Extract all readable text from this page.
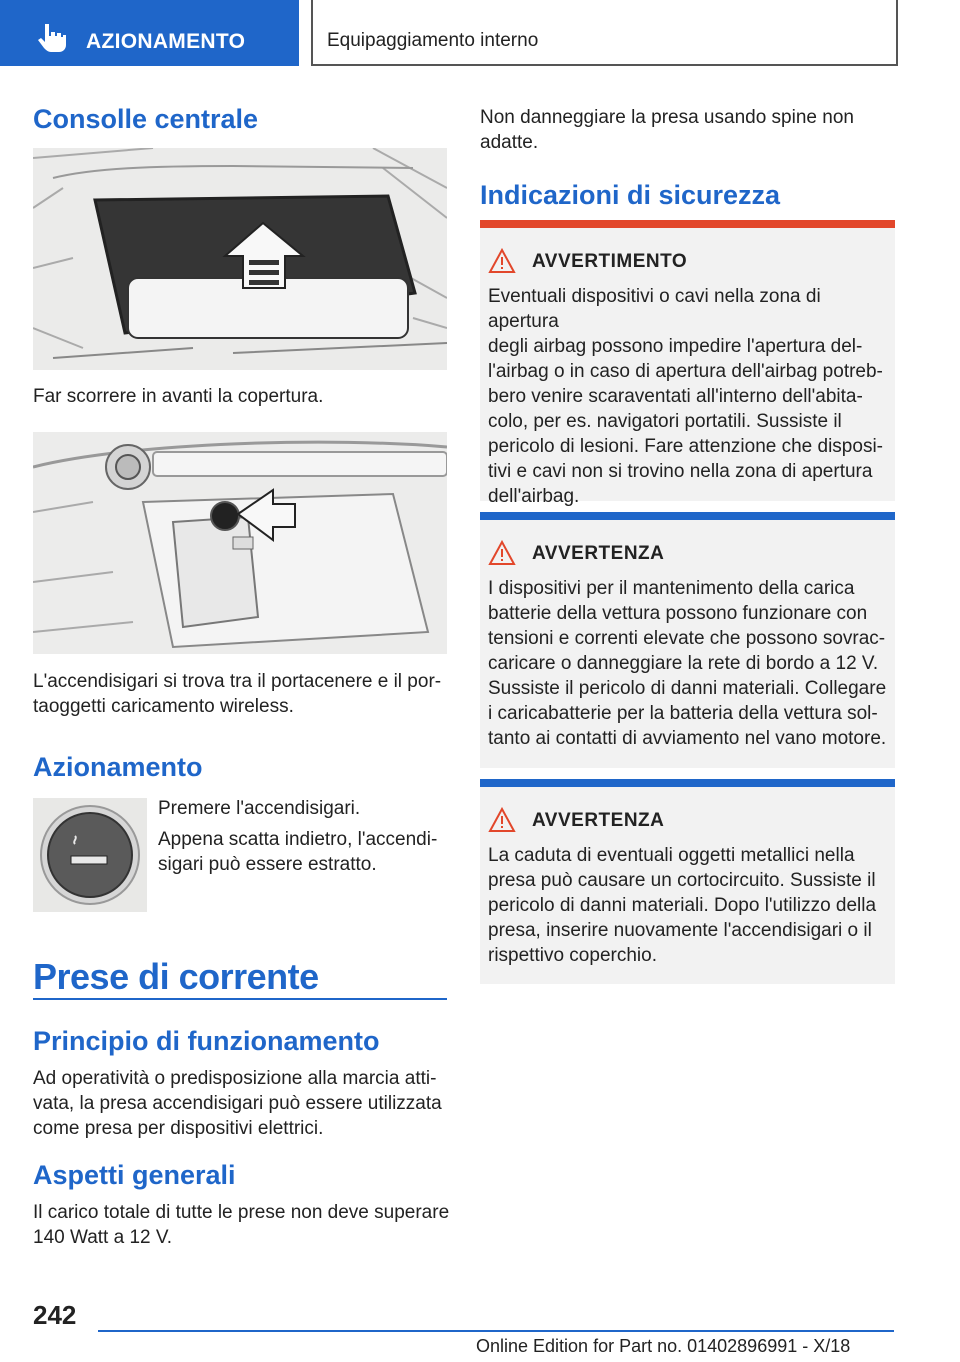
AZIONAMENTO	Equipaggiamento interno
Consolle centrale

Far scorrere in avanti la copertura.

L'accendisigari si trova tra il portacenere e il por-
taoggetti caricamento wireless.

Azionamento

Premere l'accendisigari.

Appena scatta indietro, l'accendi-
sigari può essere estratto.

Prese di corrente
Principio di funzionamento

Ad operatività o predisposizione alla marcia atti-
vata, la presa accendisigari può essere utilizzata
come presa per dispositivi elettrici.

Aspetti generali

Il carico totale di tutte le prese non deve superare
140 Watt a 12 V.

Non danneggiare la presa usando spine non
adatte.

Indicazioni di sicurezza
AVVERTIMENTO

Eventuali dispositivi o cavi nella zona di apertura
degli airbag possono impedire l'apertura del-
l'airbag o in caso di apertura dell'airbag potreb-
bero venire scaraventati all'interno dell'abita-
colo, per es. navigatori portatili. Sussiste il
pericolo di lesioni. Fare attenzione che disposi-
tivi e cavi non si trovino nella zona di apertura
dell'airbag.

AVVERTENZA

I dispositivi per il mantenimento della carica
batterie della vettura possono funzionare con
tensioni e correnti elevate che possono sovrac-
caricare o danneggiare la rete di bordo a 12 V.
Sussiste il pericolo di danni materiali. Collegare
i caricabatterie per la batteria della vettura sol-
tanto ai contatti di avviamento nel vano motore.

AVVERTENZA

La caduta di eventuali oggetti metallici nella
presa può causare un cortocircuito. Sussiste il
pericolo di danni materiali. Dopo l'utilizzo della
presa, inserire nuovamente l'accendisigari o il
rispettivo coperchio.

242
Online Edition for Part no. 01402896991 - X/18
